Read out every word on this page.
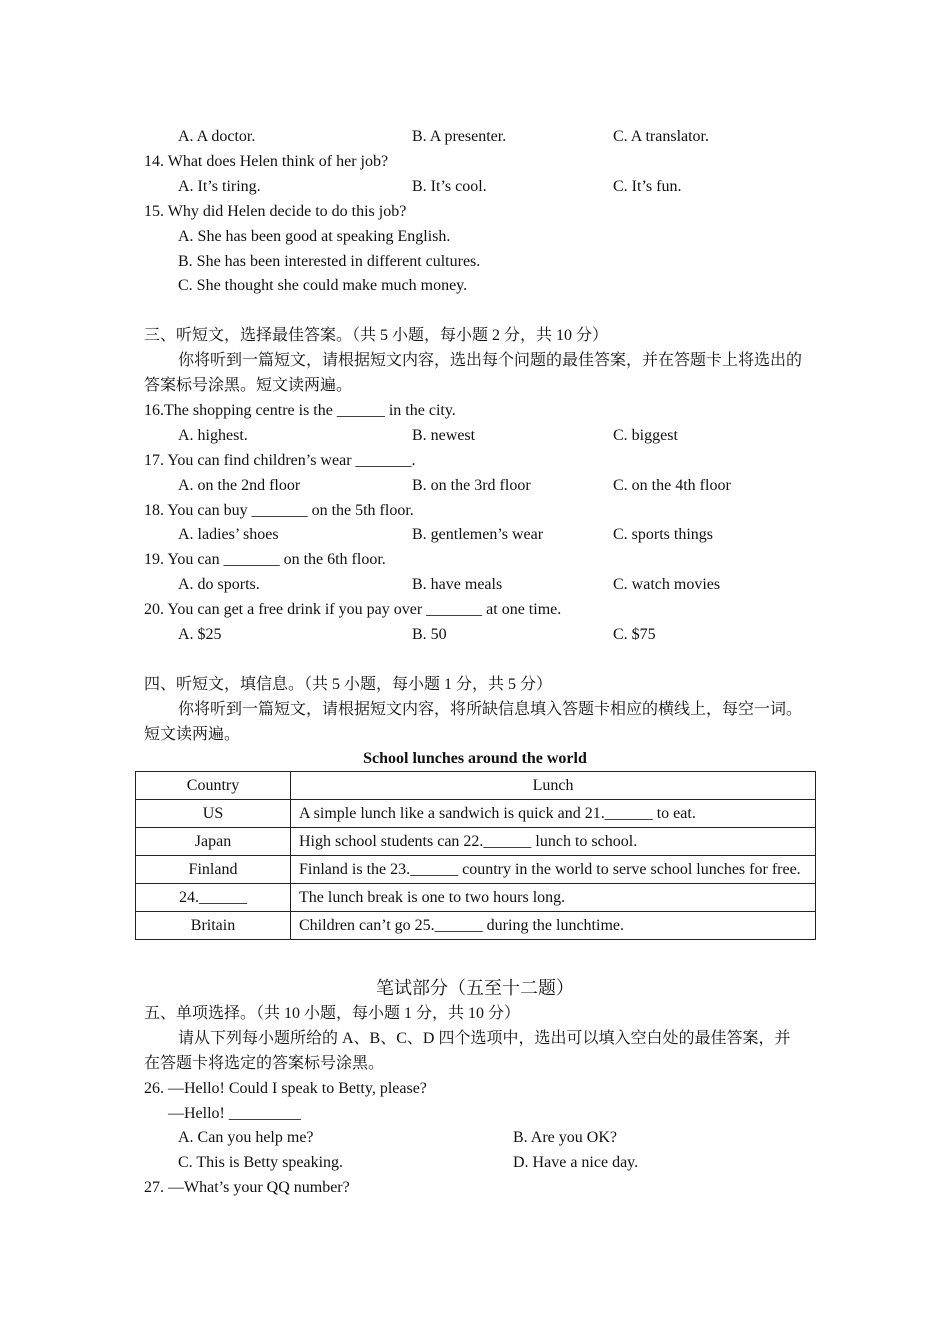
A. A doctor.	B. A presenter.	C. A translator.
14. What does Helen think of her job?
A. It’s tiring.	B. It’s cool.	C. It’s fun.
15. Why did Helen decide to do this job?
A. She has been good at speaking English.
B. She has been interested in different cultures.
C. She thought she could make much money.
三、听短文，选择最佳答案。（共 5 小题，每小题 2 分，共 10 分）
你将听到一篇短文，请根据短文内容，选出每个问题的最佳答案，并在答题卡上将选出的答案标号涂黑。短文读两遍。
16.The shopping centre is the ______ in the city.
A. highest.	B. newest	C. biggest
17. You can find children’s wear _______.
A. on the 2nd floor	B. on the 3rd floor	C. on the 4th floor
18. You can buy _______ on the 5th floor.
A. ladies’ shoes	B. gentlemen’s wear	C. sports things
19. You can _______ on the 6th floor.
A. do sports.	B. have meals	C. watch movies
20. You can get a free drink if you pay over _______ at one time.
A. $25	B. 50	C. $75
四、听短文，填信息。（共 5 小题，每小题 1 分，共 5 分）
你将听到一篇短文，请根据短文内容，将所缺信息填入答题卡相应的横线上，每空一词。短文读两遍。
School lunches around the world
Country	Lunch
US	A simple lunch like a sandwich is quick and 21.______ to eat.
Japan	High school students can 22.______ lunch to school.
Finland	Finland is the 23.______ country in the world to serve school lunches for free.
24.______	The lunch break is one to two hours long.
Britain	Children can’t go 25.______ during the lunchtime.
笔试部分（五至十二题）
五、单项选择。（共 10 小题，每小题 1 分，共 10 分）
请从下列每小题所给的 A、B、C、D 四个选项中，选出可以填入空白处的最佳答案，并在答题卡将选定的答案标号涂黑。
26. —Hello! Could I speak to Betty, please?
—Hello! _________
A. Can you help me?	B. Are you OK?
C. This is Betty speaking.	D. Have a nice day.
27. —What’s your QQ number?
